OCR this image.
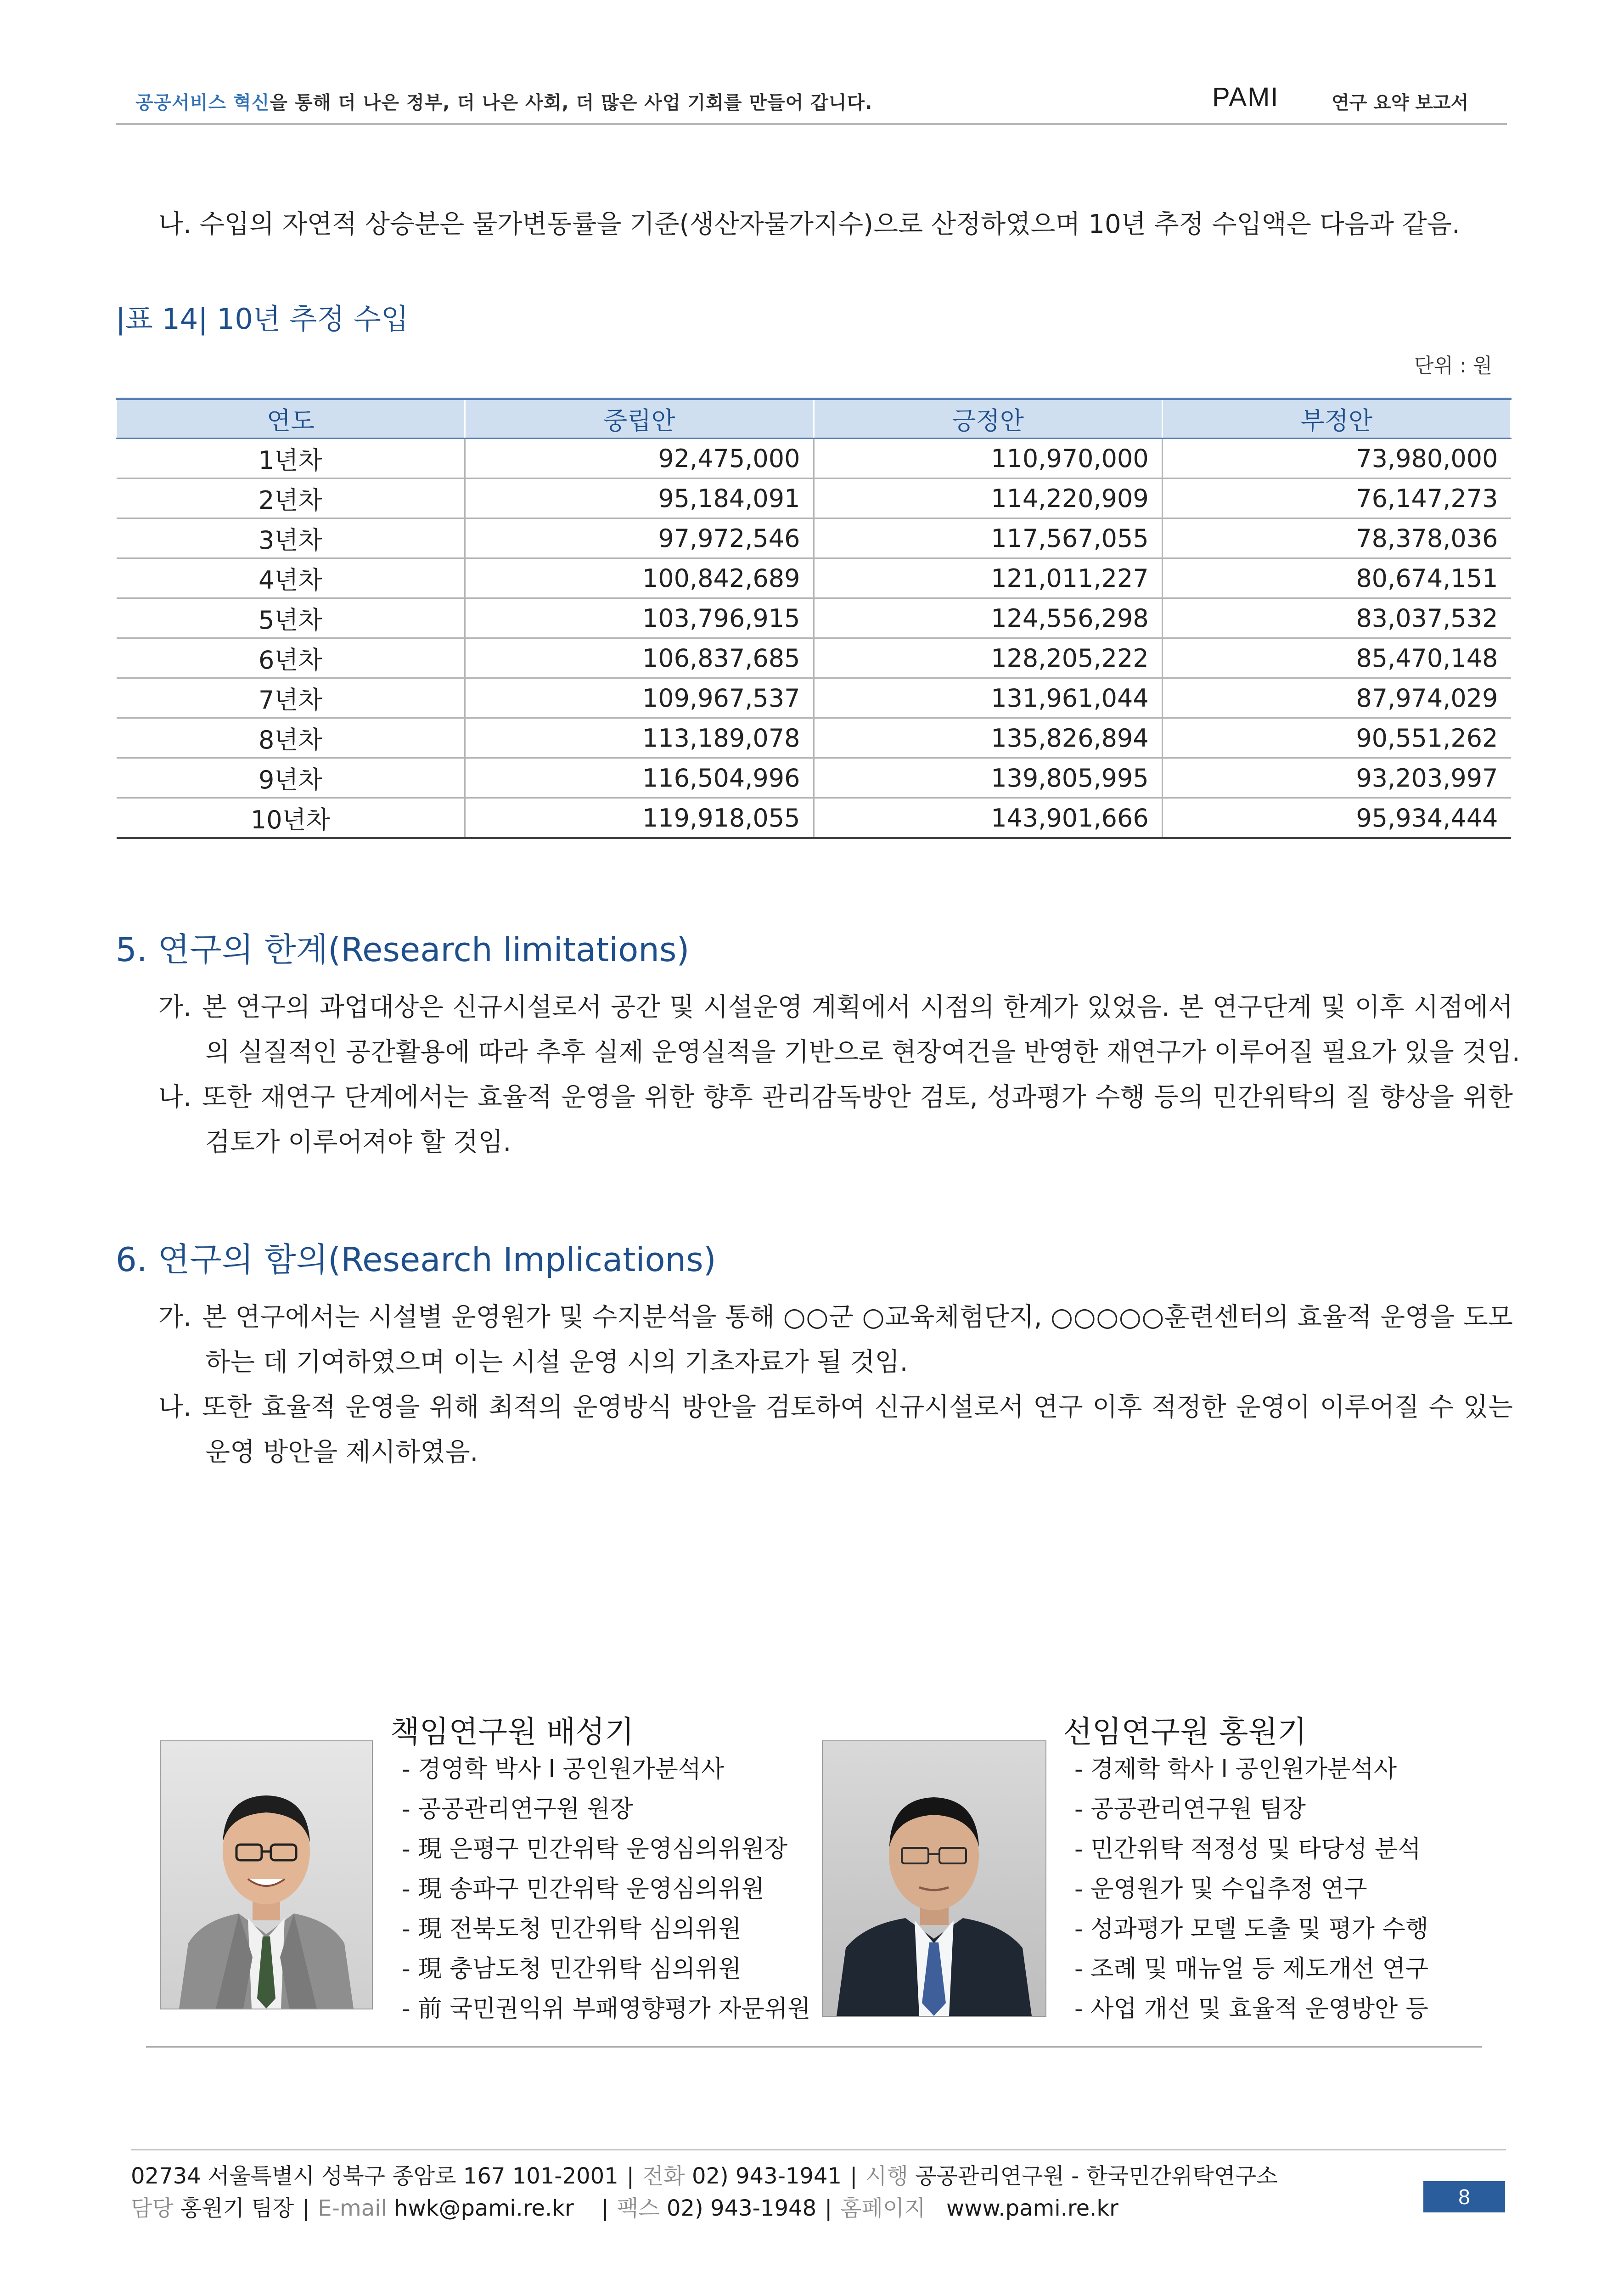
공공서비스 혁신을 통해 더 나은 정부, 더 나은 사회, 더 많은 사업 기회를 만들어 갑니다.	PAMI	연구 요약 보고서
나. 수입의 자연적 상승분은 물가변동률을 기준(생산자물가지수)으로 산정하였으며 10년 추정 수입액은 다음과 같음.
|표 14| 10년 추정 수입
단위 : 원
연도	중립안	긍정안	부정안
1년차	92,475,000	110,970,000	73,980,000
2년차	95,184,091	114,220,909	76,147,273
3년차	97,972,546	117,567,055	78,378,036
4년차	100,842,689	121,011,227	80,674,151
5년차	103,796,915	124,556,298	83,037,532
6년차	106,837,685	128,205,222	85,470,148
7년차	109,967,537	131,961,044	87,974,029
8년차	113,189,078	135,826,894	90,551,262
9년차	116,504,996	139,805,995	93,203,997
10년차	119,918,055	143,901,666	95,934,444
5. 연구의 한계(Research limitations)
가. 본 연구의 과업대상은 신규시설로서 공간 및 시설운영 계획에서 시점의 한계가 있었음. 본 연구단계 및 이후 시점에서
의 실질적인 공간활용에 따라 추후 실제 운영실적을 기반으로 현장여건을 반영한 재연구가 이루어질 필요가 있을 것임.
나. 또한 재연구 단계에서는 효율적 운영을 위한 향후 관리감독방안 검토, 성과평가 수행 등의 민간위탁의 질 향상을 위한
검토가 이루어져야 할 것임.
6. 연구의 함의(Research Implications)
가. 본 연구에서는 시설별 운영원가 및 수지분석을 통해 ○○군 ○교육체험단지, ○○○○○훈련센터의 효율적 운영을 도모
하는 데 기여하였으며 이는 시설 운영 시의 기초자료가 될 것임.
나. 또한 효율적 운영을 위해 최적의 운영방식 방안을 검토하여 신규시설로서 연구 이후 적정한 운영이 이루어질 수 있는
운영 방안을 제시하였음.
책임연구원 배성기
- 경영학 박사 l 공인원가분석사
- 공공관리연구원 원장
- 現 은평구 민간위탁 운영심의위원장
- 現 송파구 민간위탁 운영심의위원
- 現 전북도청 민간위탁 심의위원
- 現 충남도청 민간위탁 심의위원
- 前 국민권익위 부패영향평가 자문위원
선임연구원 홍원기
- 경제학 학사 l 공인원가분석사
- 공공관리연구원 팀장
- 민간위탁 적정성 및 타당성 분석
- 운영원가 및 수입추정 연구
- 성과평가 모델 도출 및 평가 수행
- 조례 및 매뉴얼 등 제도개선 연구
- 사업 개선 및 효율적 운영방안 등
02734 서울특별시 성북구 종암로 167 101-2001 | 전화 02) 943-1941 | 시행 공공관리연구원 - 한국민간위탁연구소
담당 홍원기 팀장 | E-mail hwk@pami.re.kr | 팩스 02) 943-1948 | 홈페이지 www.pami.re.kr	8
